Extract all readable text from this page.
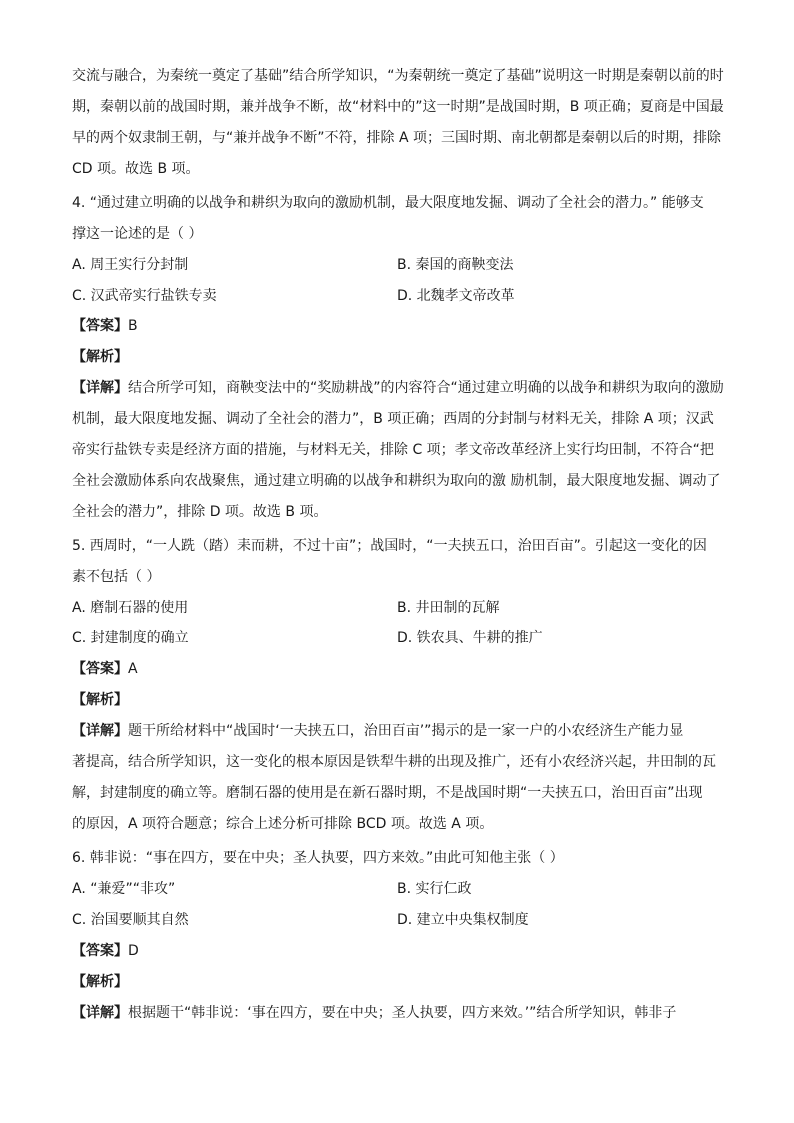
交流与融合，为秦统一奠定了基础”结合所学知识，“为秦朝统一奠定了基础”说明这一时期是秦朝以前的时
期，秦朝以前的战国时期，兼并战争不断，故“材料中的”这一时期”是战国时期，B 项正确；夏商是中国最
早的两个奴隶制王朝，与“兼并战争不断”不符，排除 A 项；三国时期、南北朝都是秦朝以后的时期，排除
CD 项。故选 B 项。
4. “通过建立明确的以战争和耕织为取向的激励机制，最大限度地发掘、调动了全社会的潜力。” 能够支
撑这一论述的是（ ）
A. 周王实行分封制	B. 秦国的商鞅变法
C. 汉武帝实行盐铁专卖	D. 北魏孝文帝改革
【答案】B
【解析】
【详解】结合所学可知，商鞅变法中的“奖励耕战”的内容符合“通过建立明确的以战争和耕织为取向的激励
机制，最大限度地发掘、调动了全社会的潜力”，B 项正确；西周的分封制与材料无关，排除 A 项；汉武
帝实行盐铁专卖是经济方面的措施，与材料无关，排除 C 项；孝文帝改革经济上实行均田制，不符合“把
全社会激励体系向农战聚焦，通过建立明确的以战争和耕织为取向的激 励机制，最大限度地发掘、调动了
全社会的潜力”，排除 D 项。故选 B 项。
5. 西周时，“一人跣（踏）耒而耕，不过十亩”；战国时，“一夫挟五口，治田百亩”。引起这一变化的因
素不包括（ ）
A. 磨制石器的使用	B. 井田制的瓦解
C. 封建制度的确立	D. 铁农具、牛耕的推广
【答案】A
【解析】
【详解】题干所给材料中“战国时‘一夫挟五口，治田百亩’”揭示的是一家一户的小农经济生产能力显
著提高，结合所学知识，这一变化的根本原因是铁犁牛耕的出现及推广，还有小农经济兴起，井田制的瓦
解，封建制度的确立等。磨制石器的使用是在新石器时期，不是战国时期“一夫挟五口，治田百亩”出现
的原因，A 项符合题意；综合上述分析可排除 BCD 项。故选 A 项。
6. 韩非说：“事在四方，要在中央；圣人执要，四方来效。”由此可知他主张（ ）
A. “兼爱”“非攻”	B. 实行仁政
C. 治国要顺其自然	D. 建立中央集权制度
【答案】D
【解析】
【详解】根据题干“韩非说：‘事在四方，要在中央；圣人执要，四方来效。’”结合所学知识，韩非子
